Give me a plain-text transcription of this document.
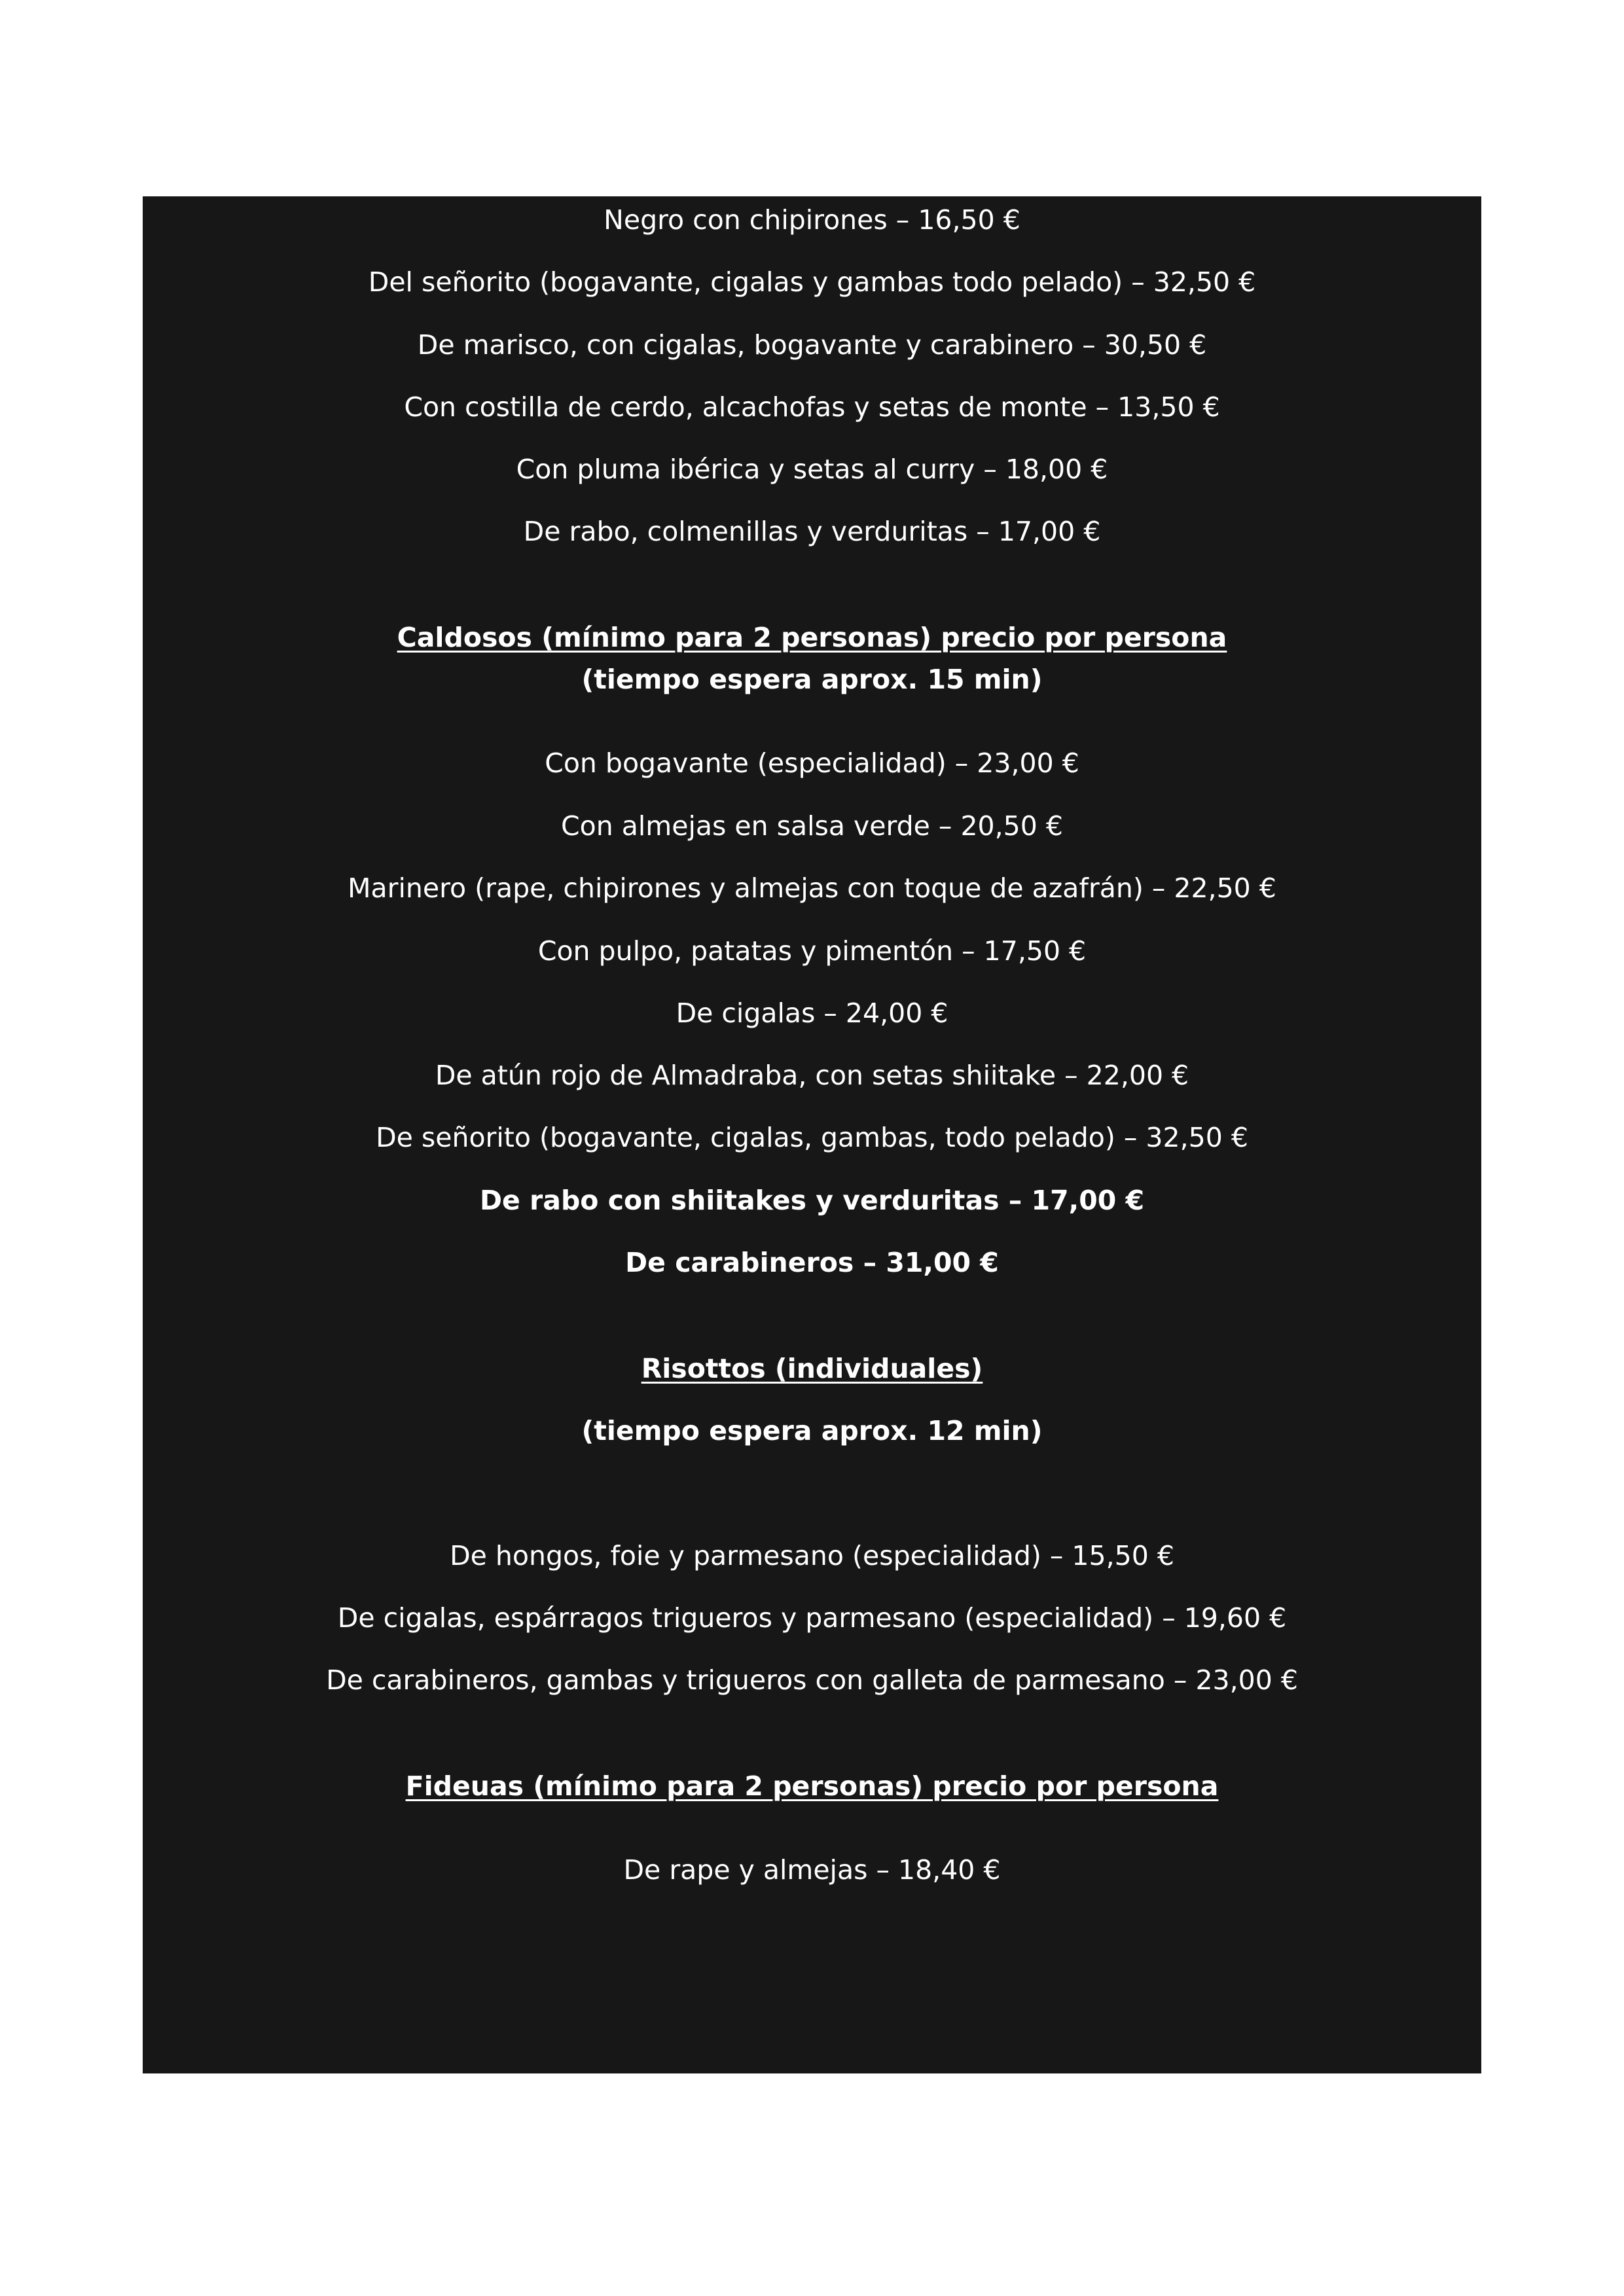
Negro con chipirones – 16,50 €
Del señorito (bogavante, cigalas y gambas todo pelado) – 32,50 €
De marisco, con cigalas, bogavante y carabinero – 30,50 €
Con costilla de cerdo, alcachofas y setas de monte – 13,50 €
Con pluma ibérica y setas al curry – 18,00 €
De rabo, colmenillas y verduritas – 17,00 €
Caldosos (mínimo para 2 personas) precio por persona
(tiempo espera aprox. 15 min)
Con bogavante (especialidad) – 23,00 €
Con almejas en salsa verde – 20,50 €
Marinero (rape, chipirones y almejas con toque de azafrán) – 22,50 €
Con pulpo, patatas y pimentón – 17,50 €
De cigalas – 24,00 €
De atún rojo de Almadraba, con setas shiitake – 22,00 €
De señorito (bogavante, cigalas, gambas, todo pelado) – 32,50 €
De rabo con shiitakes y verduritas – 17,00 €
De carabineros – 31,00 €
Risottos (individuales)
(tiempo espera aprox. 12 min)
De hongos, foie y parmesano (especialidad) – 15,50 €
De cigalas, espárragos trigueros y parmesano (especialidad) – 19,60 €
De carabineros, gambas y trigueros con galleta de parmesano – 23,00 €
Fideuas (mínimo para 2 personas) precio por persona
De rape y almejas – 18,40 €
